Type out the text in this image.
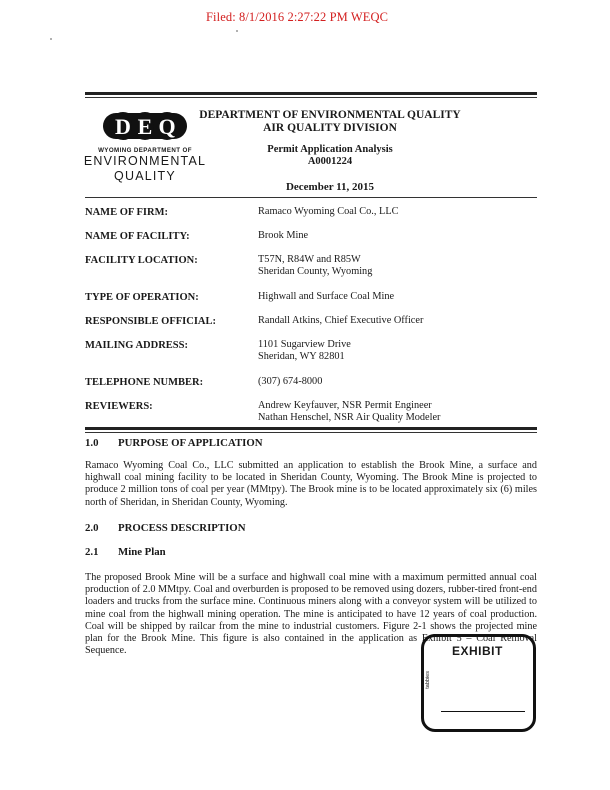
Filed: 8/1/2016 2:27:22 PM WEQC
D E Q
WYOMING DEPARTMENT OF
ENVIRONMENTAL
QUALITY
DEPARTMENT OF ENVIRONMENTAL QUALITY
AIR QUALITY DIVISION
Permit Application Analysis
A0001224
December 11, 2015
NAME OF FIRM:	Ramaco Wyoming Coal Co., LLC
NAME OF FACILITY:	Brook Mine
FACILITY LOCATION:	T57N, R84W and R85W
Sheridan County, Wyoming
TYPE OF OPERATION:	Highwall and Surface Coal Mine
RESPONSIBLE OFFICIAL:	Randall Atkins, Chief Executive Officer
MAILING ADDRESS:	1101 Sugarview Drive
Sheridan, WY 82801
TELEPHONE NUMBER:	(307) 674-8000
REVIEWERS:	Andrew Keyfauver, NSR Permit Engineer
Nathan Henschel, NSR Air Quality Modeler
1.0 PURPOSE OF APPLICATION
Ramaco Wyoming Coal Co., LLC submitted an application to establish the Brook Mine, a surface and highwall coal mining facility to be located in Sheridan County, Wyoming. The Brook Mine is projected to produce 2 million tons of coal per year (MMtpy). The Brook mine is to be located approximately six (6) miles north of Sheridan, in Sheridan County, Wyoming.
2.0 PROCESS DESCRIPTION
2.1 Mine Plan
The proposed Brook Mine will be a surface and highwall coal mine with a maximum permitted annual coal production of 2.0 MMtpy. Coal and overburden is proposed to be removed using dozers, rubber-tired front-end loaders and trucks from the surface mine. Continuous miners along with a conveyor system will be utilized to mine coal from the highwall mining operation. The mine is anticipated to have 12 years of coal production. Coal will be shipped by railcar from the mine to industrial customers. Figure 2-1 shows the projected mine plan for the Brook Mine. This figure is also contained in the application as Exhibit 5 – Coal Removal Sequence.	EXHIBIT
tabbies
